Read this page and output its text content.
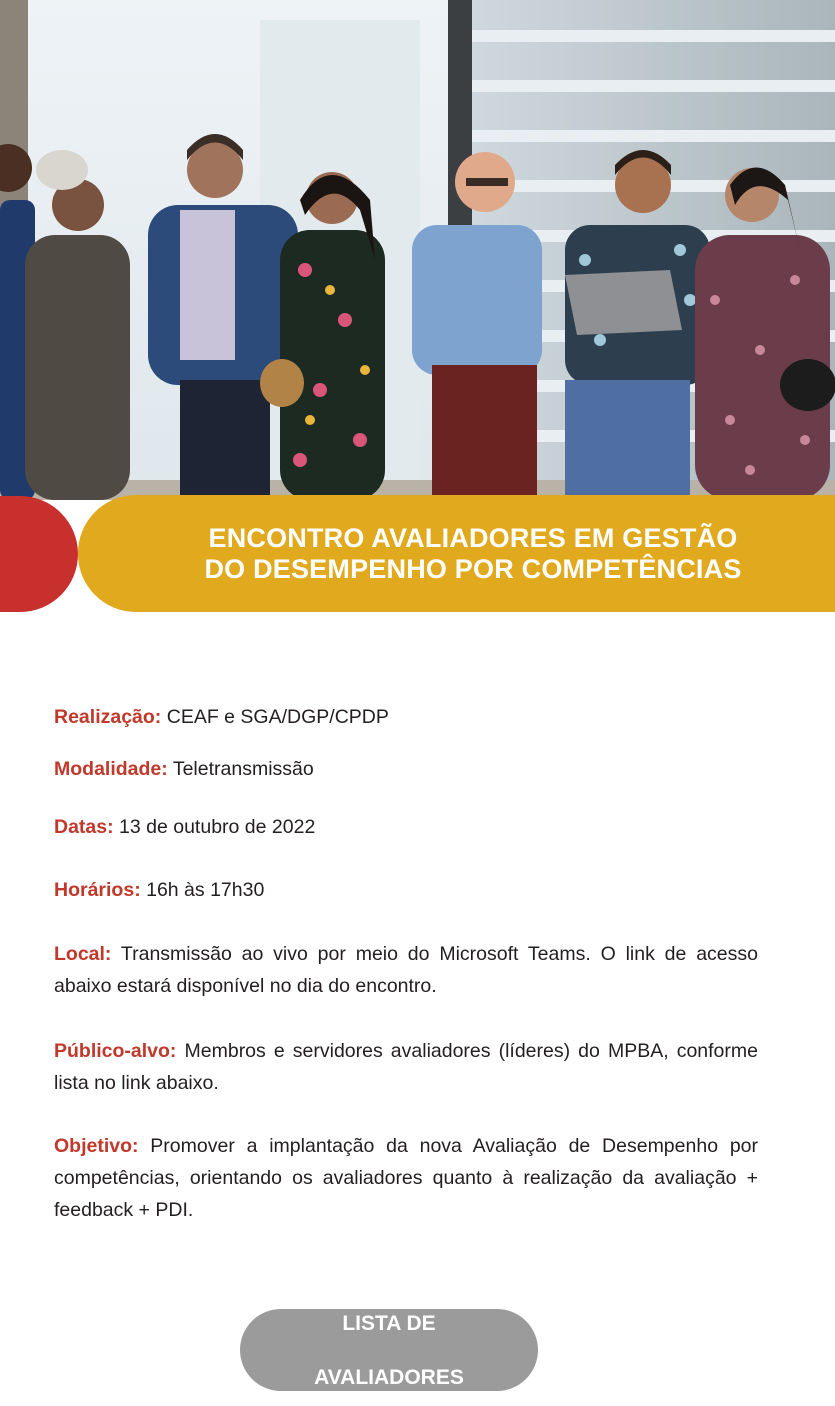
ENCONTRO AVALIADORES EM GESTÃO
DO DESEMPENHO POR COMPETÊNCIAS

Realização: CEAF e SGA/DGP/CPDP

Modalidade: Teletransmissão

Datas: 13 de outubro de 2022

Horários: 16h às 17h30

Local: Transmissão ao vivo por meio do Microsoft Teams. O link de acesso abaixo estará disponível no dia do encontro.

Público-alvo: Membros e servidores avaliadores (líderes) do MPBA, conforme lista no link abaixo.

Objetivo: Promover a implantação da nova Avaliação de Desempenho por competências, orientando os avaliadores quanto à realização da avaliação + feedback + PDI.

LISTA DE

AVALIADORES
